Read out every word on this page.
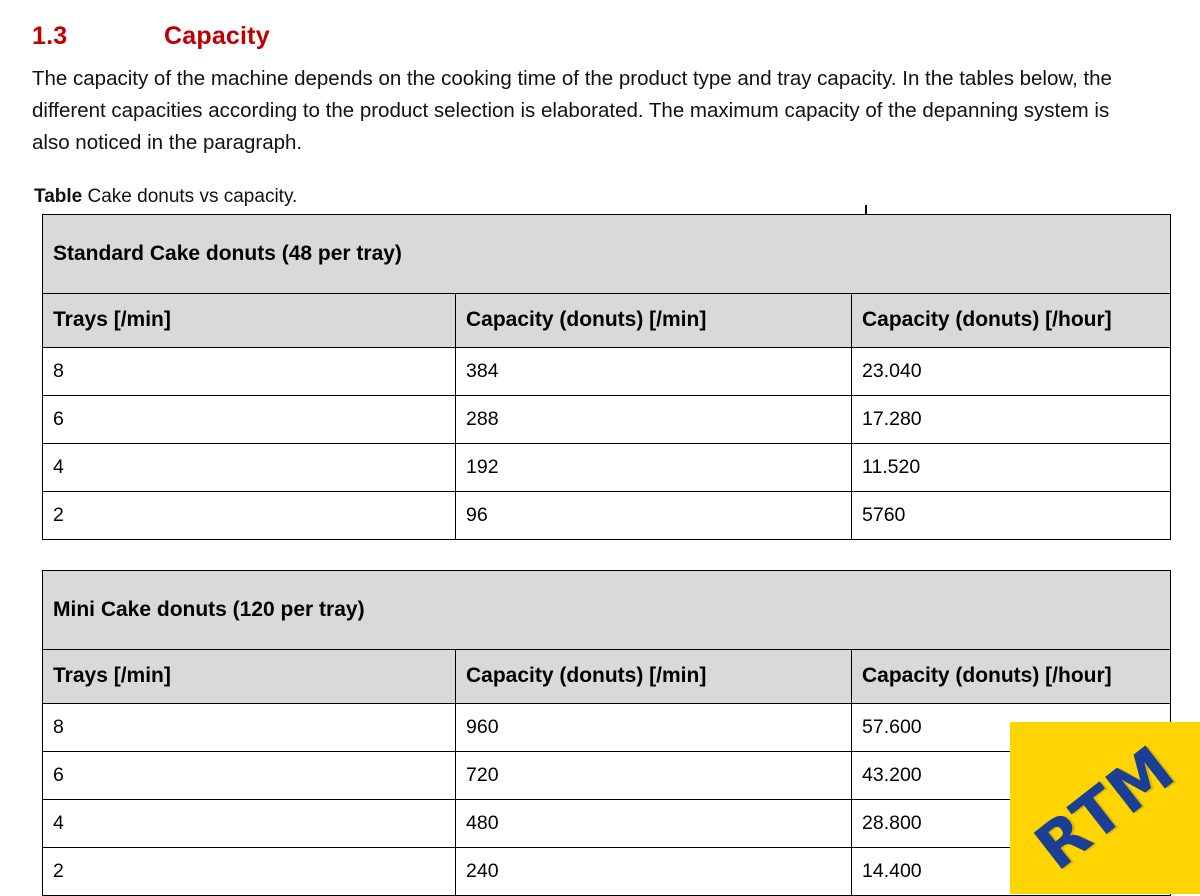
1.3	Capacity

The capacity of the machine depends on the cooking time of the product type and tray capacity. In the tables below, the different capacities according to the product selection is elaborated. The maximum capacity of the depanning system is also noticed in the paragraph.

Table Cake donuts vs capacity.

Standard Cake donuts (48 per tray)		
Trays [/min]	Capacity (donuts) [/min]	Capacity (donuts) [/hour]
8	384	23.040
6	288	17.280
4	192	11.520
2	96	5760
Mini Cake donuts (120 per tray)		
Trays [/min]	Capacity (donuts) [/min]	Capacity (donuts) [/hour]
8	960	57.600
6	720	43.200
4	480	28.800
2	240	14.400 RTM
